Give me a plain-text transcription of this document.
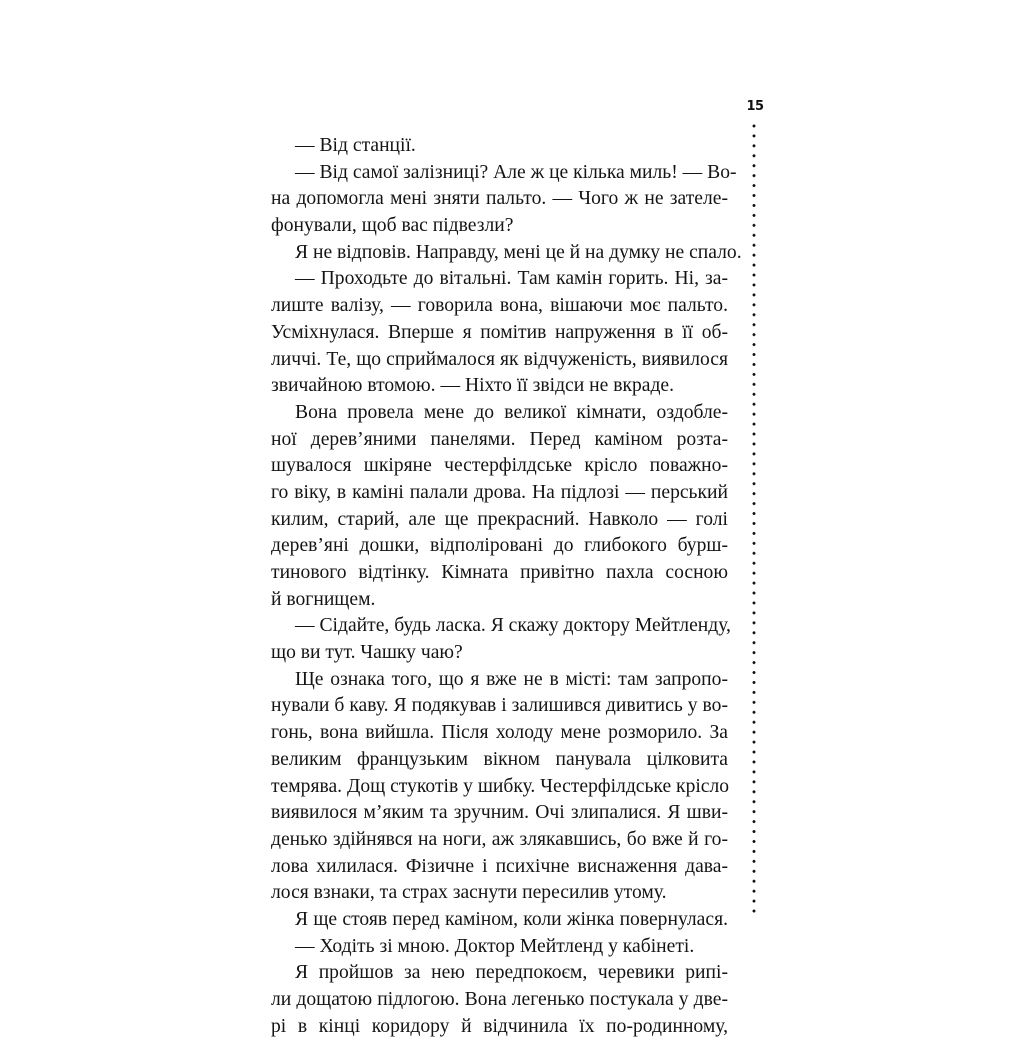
15
— Від станції.
— Від самої залізниці? Але ж це кілька миль! — Во-
на допомогла мені зняти пальто. — Чого ж не зателе-
фонували, щоб вас підвезли?
Я не відповів. Направду, мені це й на думку не спало.
— Проходьте до вітальні. Там камін горить. Ні, за-
лиште валізу, — говорила вона, вішаючи моє пальто.
Усміхнулася. Вперше я помітив напруження в її об-
личчі. Те, що сприймалося як відчуженість, виявилося
звичайною втомою. — Ніхто її звідси не вкраде.
Вона провела мене до великої кімнати, оздобле-
ної дерев’яними панелями. Перед каміном розта-
шувалося шкіряне честерфілдське крісло поважно-
го віку, в каміні палали дрова. На підлозі — перський
килим, старий, але ще прекрасний. Навколо — голі
дерев’яні дошки, відполіровані до глибокого бурш-
тинового відтінку. Кімната привітно пахла сосною
й вогнищем.
— Сідайте, будь ласка. Я скажу доктору Мейтленду,
що ви тут. Чашку чаю?
Ще ознака того, що я вже не в місті: там запропо-
нували б каву. Я подякував і залишився дивитись у во-
гонь, вона вийшла. Після холоду мене розморило. За
великим французьким вікном панувала цілковита
темрява. Дощ стукотів у шибку. Честерфілдське крісло
виявилося м’яким та зручним. Очі злипалися. Я шви-
денько здійнявся на ноги, аж злякавшись, бо вже й го-
лова хилилася. Фізичне і психічне виснаження дава-
лося взнаки, та страх заснути пересилив утому.
Я ще стояв перед каміном, коли жінка повернулася.
— Ходіть зі мною. Доктор Мейтленд у кабінеті.
Я пройшов за нею передпокоєм, черевики рипі-
ли дощатою підлогою. Вона легенько постукала у две-
рі в кінці коридору й відчинила їх по-родинному,
